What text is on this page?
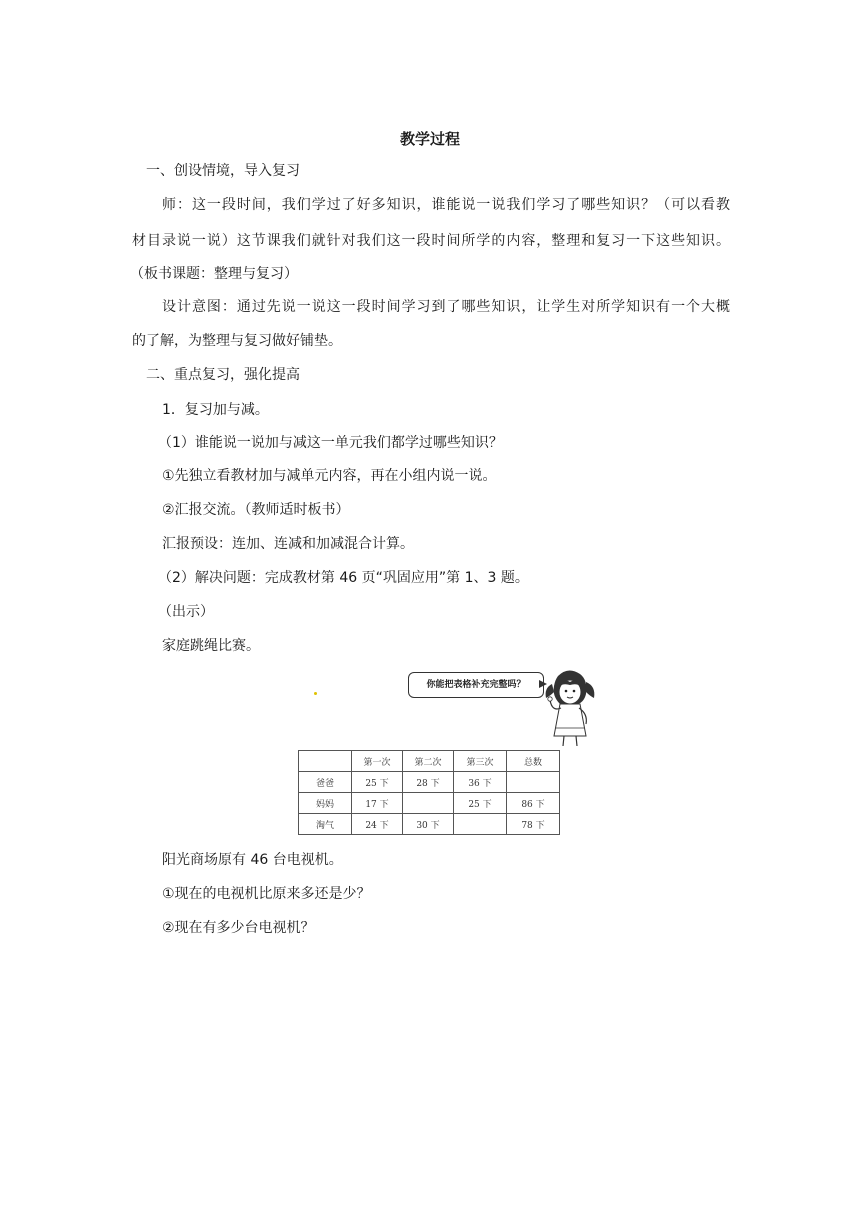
教学过程
一、创设情境，导入复习
师：这一段时间，我们学过了好多知识，谁能说一说我们学习了哪些知识？（可以看教
材目录说一说）这节课我们就针对我们这一段时间所学的内容，整理和复习一下这些知识。
（板书课题：整理与复习）
设计意图：通过先说一说这一段时间学习到了哪些知识，让学生对所学知识有一个大概
的了解，为整理与复习做好铺垫。
二、重点复习，强化提高
1．复习加与减。
（1）谁能说一说加与减这一单元我们都学过哪些知识？
①先独立看教材加与减单元内容，再在小组内说一说。
②汇报交流。（教师适时板书）
汇报预设：连加、连减和加减混合计算。
（2）解决问题：完成教材第 46 页“巩固应用”第 1、3 题。
（出示）
家庭跳绳比赛。
你能把表格补充完整吗？
	第一次	第二次	第三次	总数
爸爸	25 下	28 下	36 下	
妈妈	17 下		25 下	86 下
淘气	24 下	30 下		78 下
阳光商场原有 46 台电视机。
①现在的电视机比原来多还是少？
②现在有多少台电视机？
